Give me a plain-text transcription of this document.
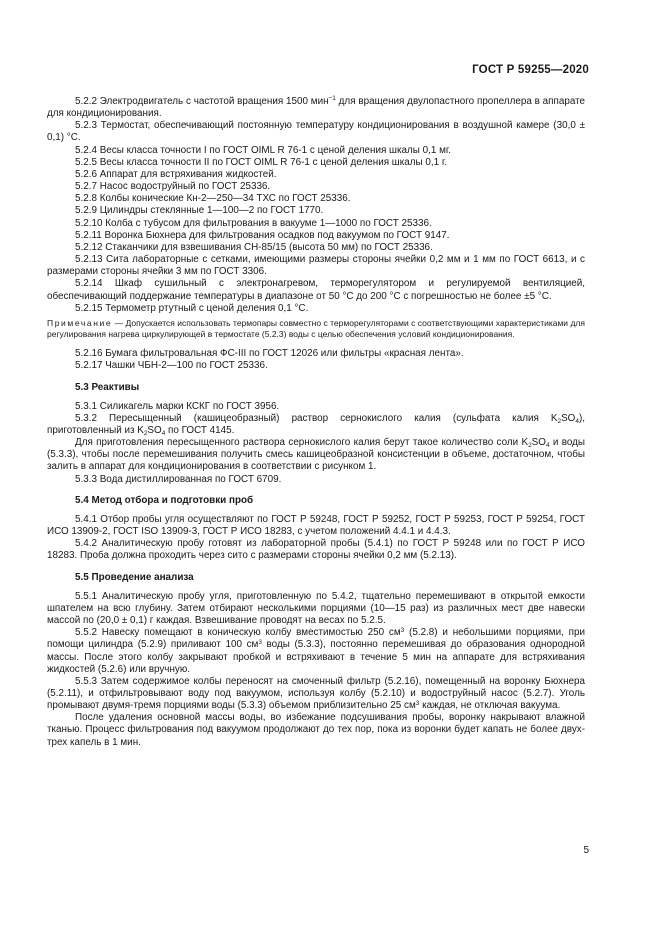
ГОСТ Р 59255—2020

5.2.2 Электродвигатель с частотой вращения 1500 мин$^{-1}$ для вращения двулопастного пропеллера в аппарате для кондиционирования.

5.2.3 Термостат, обеспечивающий постоянную температуру кондиционирования в воздушной камере (30,0 ± 0,1) °С.

5.2.4 Весы класса точности I по ГОСТ OIML R 76-1 с ценой деления шкалы 0,1 мг.

5.2.5 Весы класса точности II по ГОСТ OIML R 76-1 с ценой деления шкалы 0,1 г.

5.2.6 Аппарат для встряхивания жидкостей.

5.2.7 Насос водоструйный по ГОСТ 25336.

5.2.8 Колбы конические Кн-2—250—34 ТХС по ГОСТ 25336.

5.2.9 Цилиндры стеклянные 1—100—2 по ГОСТ 1770.

5.2.10 Колба с тубусом для фильтрования в вакууме 1—1000 по ГОСТ 25336.

5.2.11 Воронка Бюхнера для фильтрования осадков под вакуумом по ГОСТ 9147.

5.2.12 Стаканчики для взвешивания СН-85/15 (высота 50 мм) по ГОСТ 25336.

5.2.13 Сита лабораторные с сетками, имеющими размеры стороны ячейки 0,2 мм и 1 мм по ГОСТ 6613, и с размерами стороны ячейки 3 мм по ГОСТ 3306.

5.2.14 Шкаф сушильный с электронагревом, терморегулятором и регулируемой вентиляцией, обеспечивающий поддержание температуры в диапазоне от 50 °С до 200 °С с погрешностью не более ±5 °С.

5.2.15 Термометр ртутный с ценой деления 0,1 °С.

Примечание — Допускается использовать термопары совместно с терморегуляторами с соответствующими характеристиками для регулирования нагрева циркулирующей в термостате (5.2.3) воды с целью обеспечения условий кондиционирования.

5.2.16 Бумага фильтровальная ФС-III по ГОСТ 12026 или фильтры «красная лента».

5.2.17 Чашки ЧБН-2—100 по ГОСТ 25336.

5.3 Реактивы

5.3.1 Силикагель марки КСКГ по ГОСТ 3956.

5.3.2 Пересыщенный (кашицеобразный) раствор сернокислого калия (сульфата калия $K_2SO_4$), приготовленный из $K_2SO_4$ по ГОСТ 4145.

Для приготовления пересыщенного раствора сернокислого калия берут такое количество соли $K_2SO_4$ и воды (5.3.3), чтобы после перемешивания получить смесь кашицеобразной консистенции в объеме, достаточном, чтобы залить в аппарат для кондиционирования в соответствии с рисунком 1.

5.3.3 Вода дистиллированная по ГОСТ 6709.

5.4 Метод отбора и подготовки проб

5.4.1 Отбор пробы угля осуществляют по ГОСТ Р 59248, ГОСТ Р 59252, ГОСТ Р 59253, ГОСТ Р 59254, ГОСТ ИСО 13909-2, ГОСТ ISO 13909-3, ГОСТ Р ИСО 18283, с учетом положений 4.4.1 и 4.4.3.

5.4.2 Аналитическую пробу готовят из лабораторной пробы (5.4.1) по ГОСТ Р 59248 или по ГОСТ Р ИСО 18283. Проба должна проходить через сито с размерами стороны ячейки 0,2 мм (5.2.13).

5.5 Проведение анализа

5.5.1 Аналитическую пробу угля, приготовленную по 5.4.2, тщательно перемешивают в открытой емкости шпателем на всю глубину. Затем отбирают несколькими порциями (10—15 раз) из различных мест две навески массой по (20,0 ± 0,1) г каждая. Взвешивание проводят на весах по 5.2.5.

5.5.2 Навеску помещают в коническую колбу вместимостью 250 $см^3$ (5.2.8) и небольшими порциями, при помощи цилиндра (5.2.9) приливают 100 $см^3$ воды (5.3.3), постоянно перемешивая до образования однородной массы. После этого колбу закрывают пробкой и встряхивают в течение 5 мин на аппарате для встряхивания жидкостей (5.2.6) или вручную.

5.5.3 Затем содержимое колбы переносят на смоченный фильтр (5.2.16), помещенный на воронку Бюхнера (5.2.11), и отфильтровывают воду под вакуумом, используя колбу (5.2.10) и водоструйный насос (5.2.7). Уголь промывают двумя-тремя порциями воды (5.3.3) объемом приблизительно 25 $см^3$ каждая, не отключая вакуума.

После удаления основной массы воды, во избежание подсушивания пробы, воронку накрывают влажной тканью. Процесс фильтрования под вакуумом продолжают до тех пор, пока из воронки будет капать не более двух-трех капель в 1 мин.

5
